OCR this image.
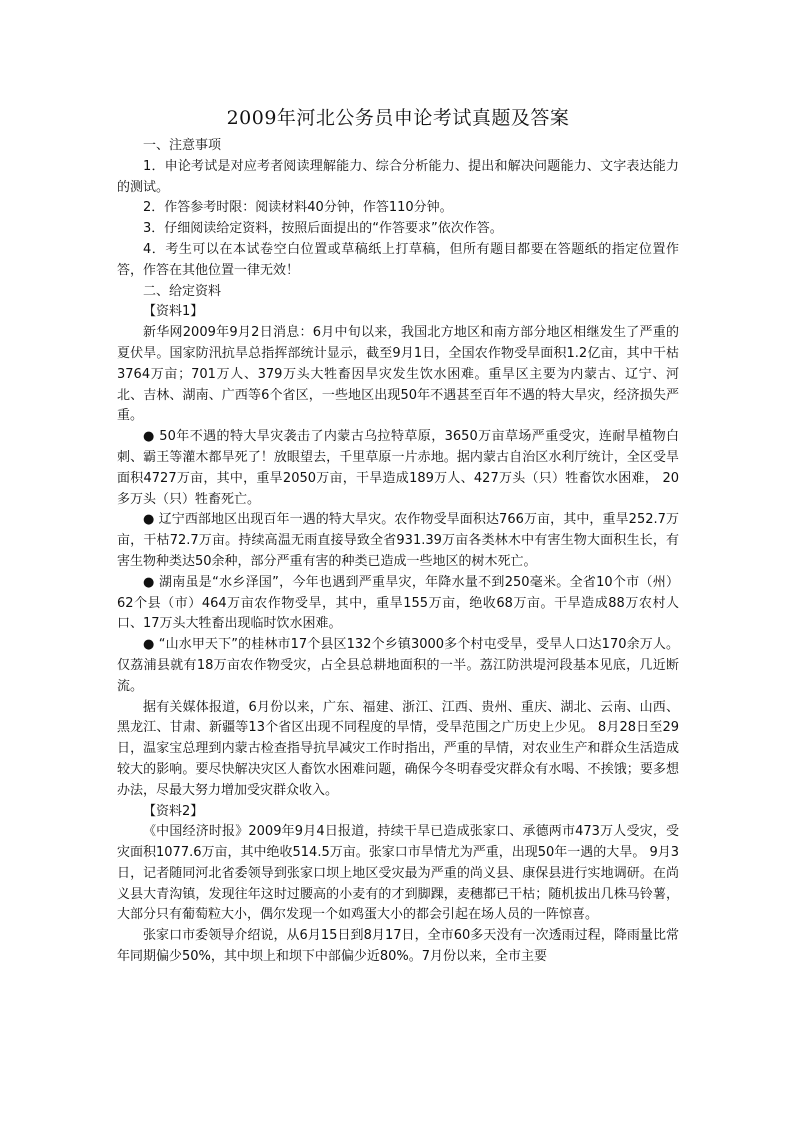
2009年河北公务员申论考试真题及答案

一、注意事项

1．申论考试是对应考者阅读理解能力、综合分析能力、提出和解决问题能力、文字表达能力的测试。

2．作答参考时限：阅读材料40分钟，作答110分钟。

3．仔细阅读给定资料，按照后面提出的“作答要求”依次作答。

4．考生可以在本试卷空白位置或草稿纸上打草稿，但所有题目都要在答题纸的指定位置作答，作答在其他位置一律无效！

二、给定资料

【资料1】

新华网2009年9月2日消息：6月中旬以来，我国北方地区和南方部分地区相继发生了严重的夏伏旱。国家防汛抗旱总指挥部统计显示，截至9月1日，全国农作物受旱面积1.2亿亩，其中干枯3764万亩；701万人、379万头大牲畜因旱灾发生饮水困难。重旱区主要为内蒙古、辽宁、河北、吉林、湖南、广西等6个省区，一些地区出现50年不遇甚至百年不遇的特大旱灾，经济损失严重。

● 50年不遇的特大旱灾袭击了内蒙古乌拉特草原，3650万亩草场严重受灾，连耐旱植物白刺、霸王等灌木都旱死了！放眼望去，千里草原一片赤地。据内蒙古自治区水利厅统计，全区受旱面积4727万亩，其中，重旱2050万亩，干旱造成189万人、427万头（只）牲畜饮水困难， 20多万头（只）牲畜死亡。

● 辽宁西部地区出现百年一遇的特大旱灾。农作物受旱面积达766万亩，其中，重旱252.7万亩，干枯72.7万亩。持续高温无雨直接导致全省931.39万亩各类林木中有害生物大面积生长，有害生物种类达50余种，部分严重有害的种类已造成一些地区的树木死亡。

● 湖南虽是“水乡泽国”，今年也遇到严重旱灾，年降水量不到250毫米。全省10个市（州） 62个县（市）464万亩农作物受旱，其中，重旱155万亩，绝收68万亩。干旱造成88万农村人口、17万头大牲畜出现临时饮水困难。

● “山水甲天下”的桂林市17个县区132个乡镇3000多个村屯受旱，受旱人口达170余万人。仅荔浦县就有18万亩农作物受灾，占全县总耕地面积的一半。荔江防洪堤河段基本见底，几近断流。

据有关媒体报道，6月份以来，广东、福建、浙江、江西、贵州、重庆、湖北、云南、山西、黑龙江、甘肃、新疆等13个省区出现不同程度的旱情，受旱范围之广历史上少见。 8月28日至29日，温家宝总理到内蒙古检查指导抗旱减灾工作时指出，严重的旱情，对农业生产和群众生活造成较大的影响。要尽快解决灾区人畜饮水困难问题，确保今冬明春受灾群众有水喝、不挨饿；要多想办法，尽最大努力增加受灾群众收入。

【资料2】

《中国经济时报》2009年9月4日报道，持续干旱已造成张家口、承德两市473万人受灾，受灾面积1077.6万亩，其中绝收514.5万亩。张家口市旱情尤为严重，出现50年一遇的大旱。 9月3日，记者随同河北省委领导到张家口坝上地区受灾最为严重的尚义县、康保县进行实地调研。在尚义县大青沟镇，发现往年这时过腰高的小麦有的才到脚踝，麦穗都已干枯；随机拔出几株马铃薯，大部分只有葡萄粒大小，偶尔发现一个如鸡蛋大小的都会引起在场人员的一阵惊喜。

张家口市委领导介绍说，从6月15日到8月17日，全市60多天没有一次透雨过程，降雨量比常年同期偏少50%，其中坝上和坝下中部偏少近80%。7月份以来，全市主要
